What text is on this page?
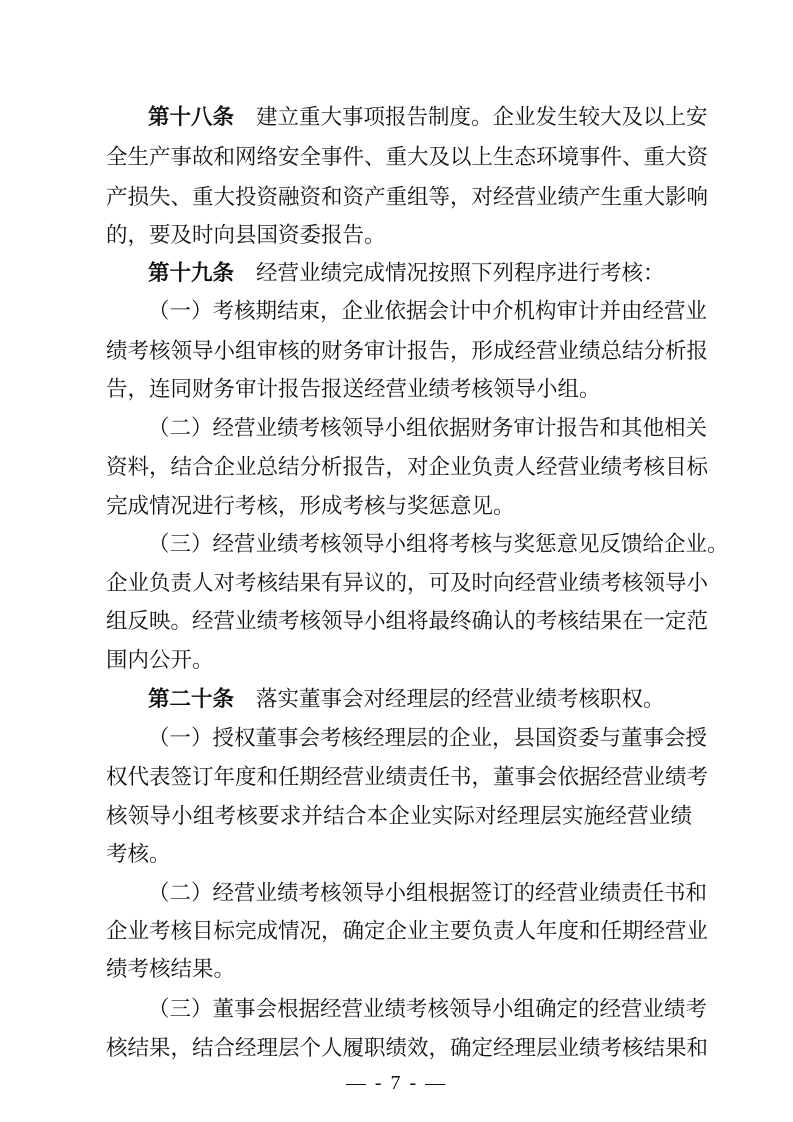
第十八条 建立重大事项报告制度。企业发生较大及以上安
全生产事故和网络安全事件、重大及以上生态环境事件、重大资
产损失、重大投资融资和资产重组等，对经营业绩产生重大影响
的，要及时向县国资委报告。
第十九条 经营业绩完成情况按照下列程序进行考核：
（一）考核期结束，企业依据会计中介机构审计并由经营业
绩考核领导小组审核的财务审计报告，形成经营业绩总结分析报
告，连同财务审计报告报送经营业绩考核领导小组。
（二）经营业绩考核领导小组依据财务审计报告和其他相关
资料，结合企业总结分析报告，对企业负责人经营业绩考核目标
完成情况进行考核，形成考核与奖惩意见。
（三）经营业绩考核领导小组将考核与奖惩意见反馈给企业。
企业负责人对考核结果有异议的，可及时向经营业绩考核领导小
组反映。经营业绩考核领导小组将最终确认的考核结果在一定范
围内公开。
第二十条 落实董事会对经理层的经营业绩考核职权。
（一）授权董事会考核经理层的企业，县国资委与董事会授
权代表签订年度和任期经营业绩责任书，董事会依据经营业绩考
核领导小组考核要求并结合本企业实际对经理层实施经营业绩
考核。
（二）经营业绩考核领导小组根据签订的经营业绩责任书和
企业考核目标完成情况，确定企业主要负责人年度和任期经营业
绩考核结果。
（三）董事会根据经营业绩考核领导小组确定的经营业绩考
核结果，结合经理层个人履职绩效，确定经理层业绩考核结果和
— - 7 - —
